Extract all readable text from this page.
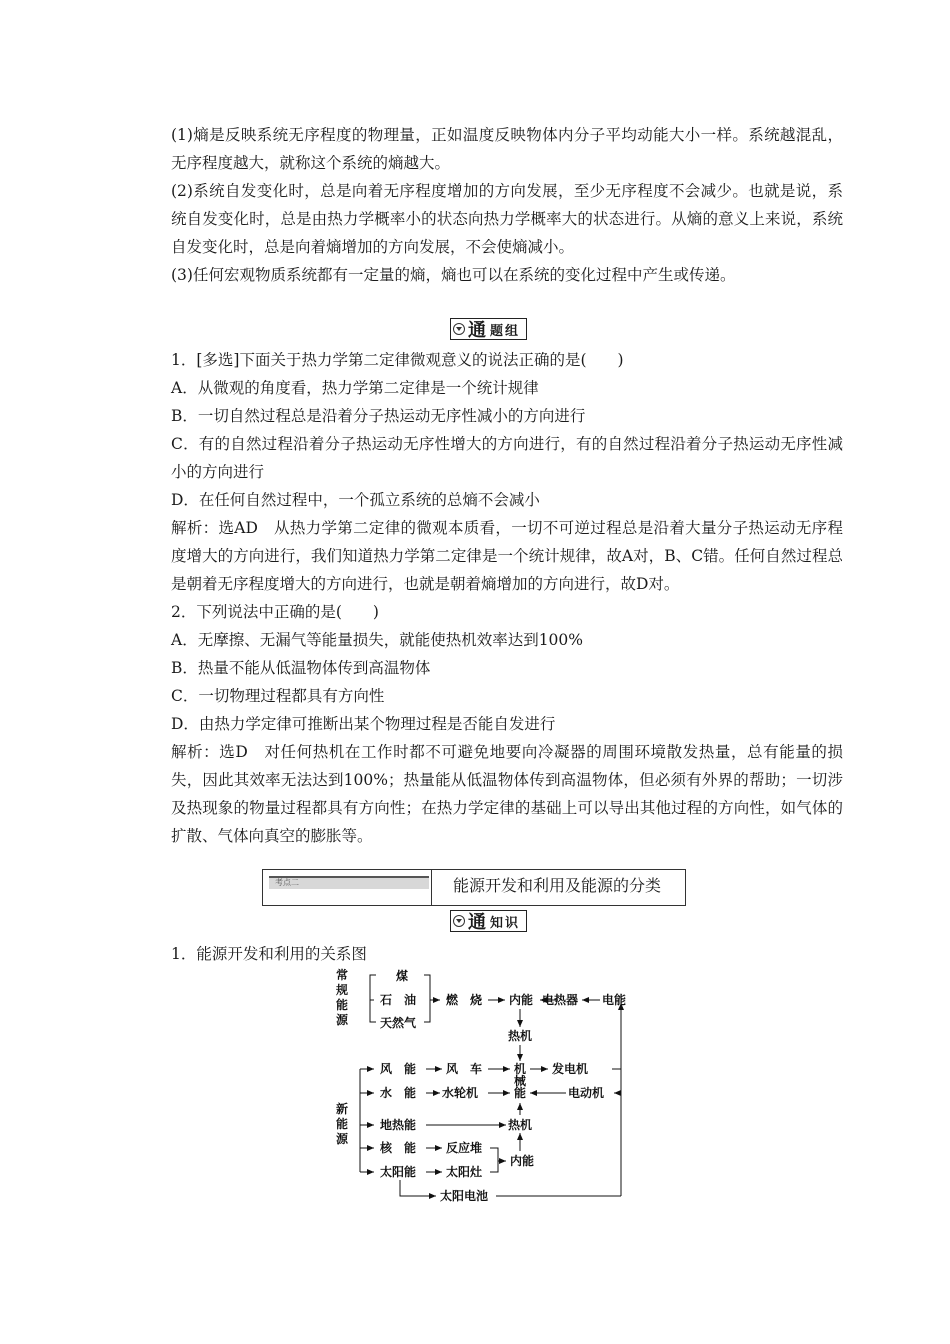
(1)熵是反映系统无序程度的物理量，正如温度反映物体内分子平均动能大小一样。系统越混乱，无序程度越大，就称这个系统的熵越大。
(2)系统自发变化时，总是向着无序程度增加的方向发展，至少无序程度不会减少。也就是说，系统自发变化时，总是由热力学概率小的状态向热力学概率大的状态进行。从熵的意义上来说，系统自发变化时，总是向着熵增加的方向发展，不会使熵减小。
(3)任何宏观物质系统都有一定量的熵，熵也可以在系统的变化过程中产生或传递。
通 题组
1．[多选]下面关于热力学第二定律微观意义的说法正确的是(　　)
A．从微观的角度看，热力学第二定律是一个统计规律
B．一切自然过程总是沿着分子热运动无序性减小的方向进行
C．有的自然过程沿着分子热运动无序性增大的方向进行，有的自然过程沿着分子热运动无序性减小的方向进行
D．在任何自然过程中，一个孤立系统的总熵不会减小
解析：选AD　从热力学第二定律的微观本质看，一切不可逆过程总是沿着大量分子热运动无序程度增大的方向进行，我们知道热力学第二定律是一个统计规律，故A对，B、C错。任何自然过程总是朝着无序程度增大的方向进行，也就是朝着熵增加的方向进行，故D对。
2．下列说法中正确的是(　　)
A．无摩擦、无漏气等能量损失，就能使热机效率达到100%
B．热量不能从低温物体传到高温物体
C．一切物理过程都具有方向性
D．由热力学定律可推断出某个物理过程是否能自发进行
解析：选D　对任何热机在工作时都不可避免地要向冷凝器的周围环境散发热量，总有能量的损失，因此其效率无法达到100%；热量能从低温物体传到高温物体，但必须有外界的帮助；一切涉及热现象的物量过程都具有方向性；在热力学定律的基础上可以导出其他过程的方向性，如气体的扩散、气体向真空的膨胀等。
考点二	能源开发和利用及能源的分类
通 知识
1．能源开发和利用的关系图
常
规
能
源
煤
石　油
天然气
燃　烧 内能 电热器 电能
热机
新
能
源
风　能 风　车
水　能 水轮机
机
械
能
发电机
电动机
地热能	热机
核　能 反应堆
太阳能 太阳灶
内能
太阳电池
